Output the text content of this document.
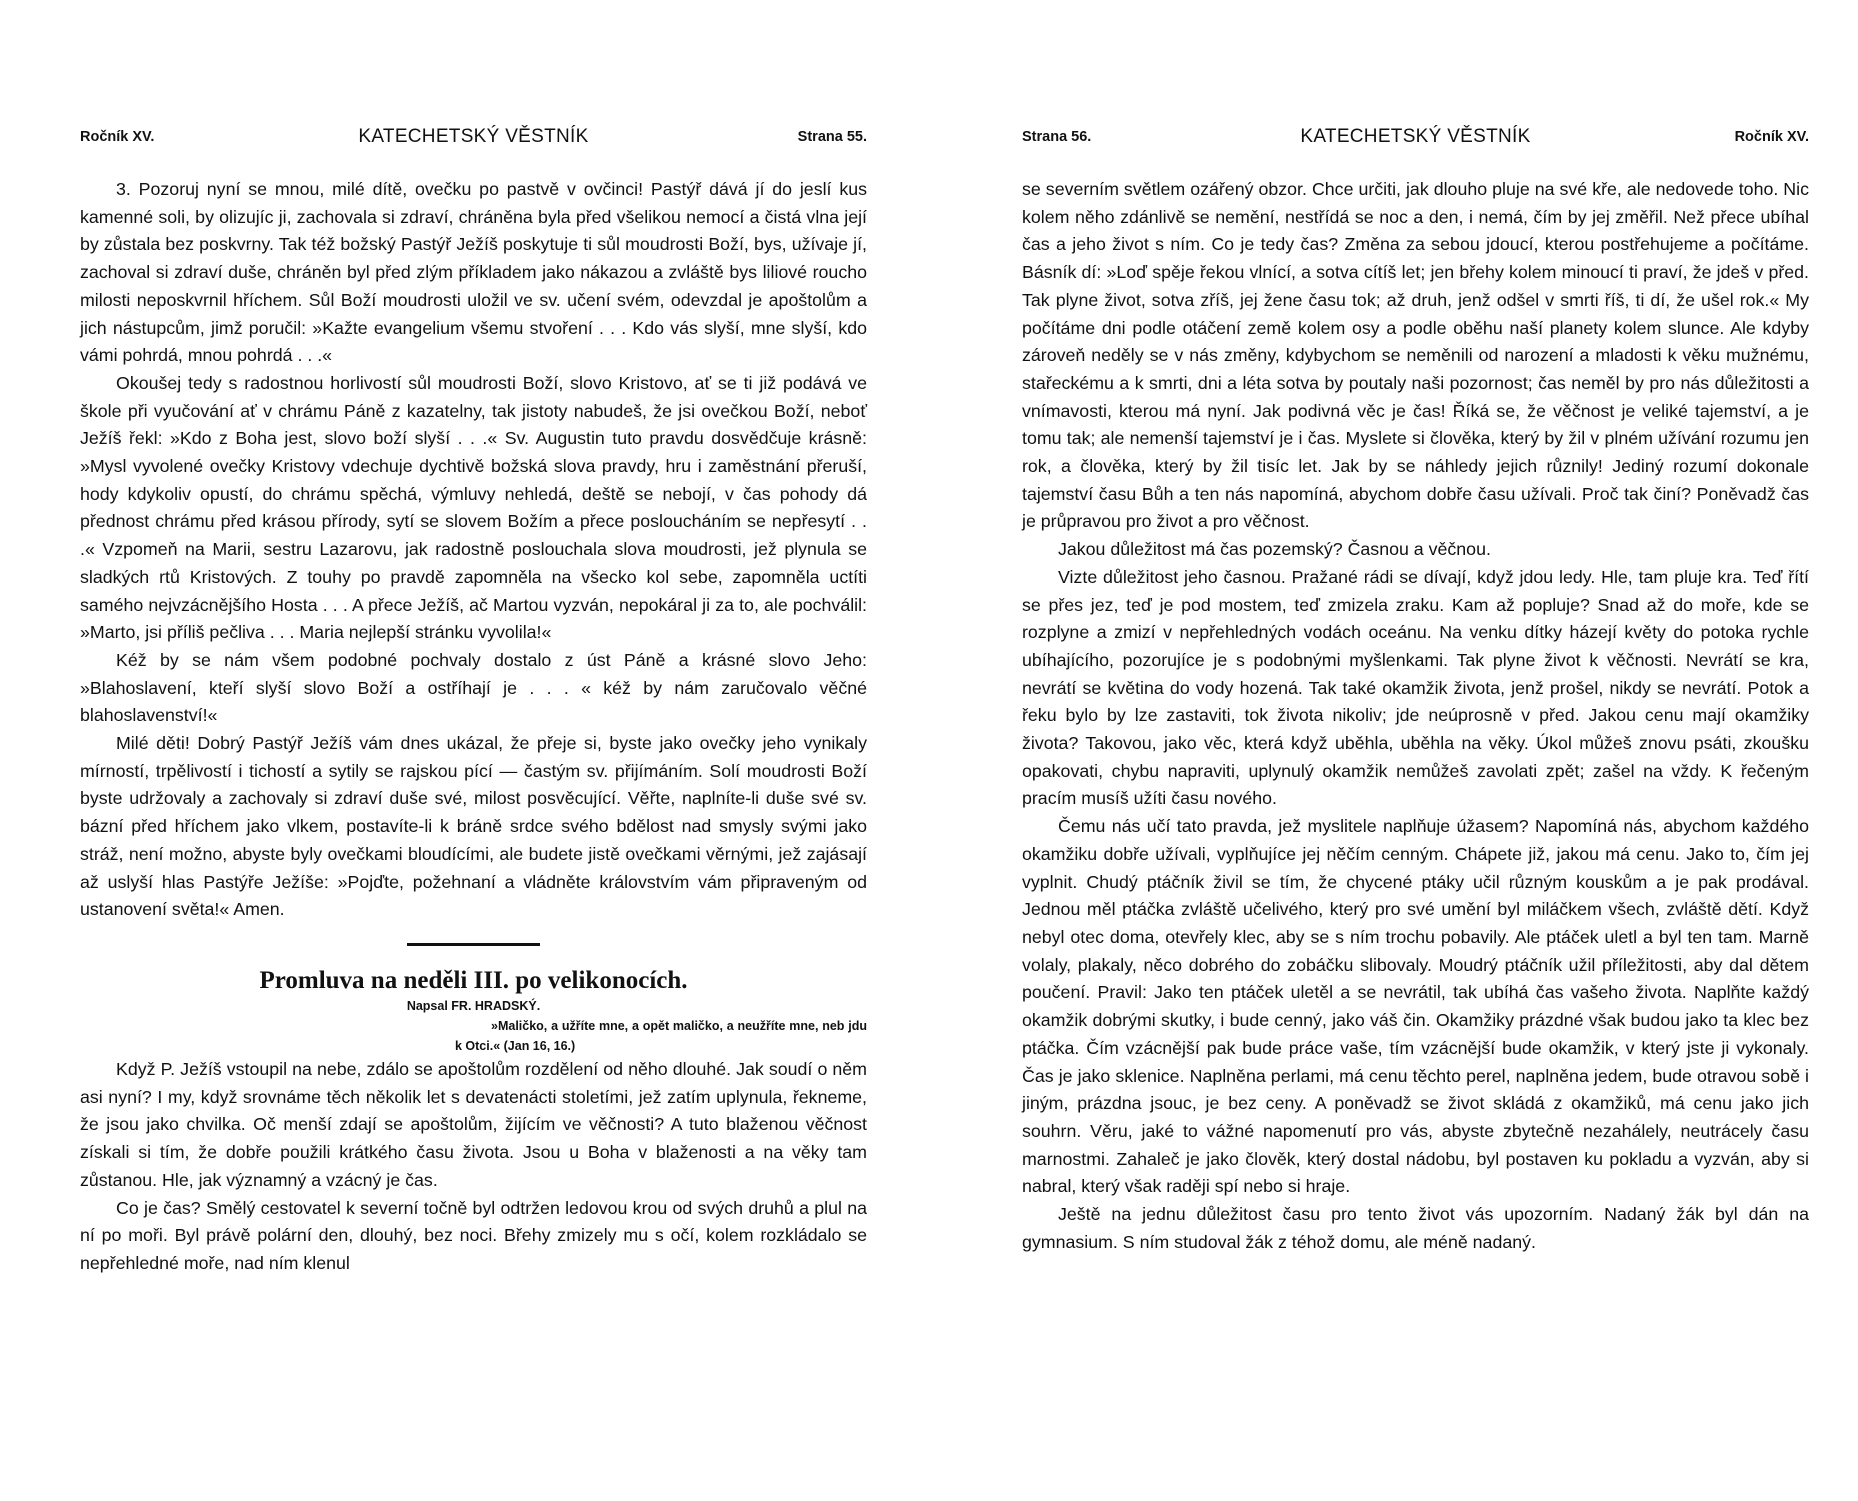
Ročník XV.	KATECHETSKÝ VĚSTNÍK	Strana 55.

3. Pozoruj nyní se mnou, milé dítě, ovečku po pastvě v ovčinci! Pastýř dává jí do jeslí kus kamenné soli, by olizujíc ji, zachovala si zdraví, chráněna byla před všelikou nemocí a čistá vlna její by zůstala bez poskvrny. Tak též božský Pastýř Ježíš poskytuje ti sůl moudrosti Boží, bys, užívaje jí, zachoval si zdraví duše, chráněn byl před zlým příkladem jako nákazou a zvláště bys liliové roucho milosti neposkvrnil hříchem. Sůl Boží moudrosti uložil ve sv. učení svém, odevzdal je apoštolům a jich nástupcům, jimž poručil: »Kažte evangelium všemu stvoření . . . Kdo vás slyší, mne slyší, kdo vámi pohrdá, mnou pohrdá . . .«

Okoušej tedy s radostnou horlivostí sůl moudrosti Boží, slovo Kristovo, ať se ti již podává ve škole při vyučování ať v chrámu Páně z kazatelny, tak jistoty nabudeš, že jsi ovečkou Boží, neboť Ježíš řekl: »Kdo z Boha jest, slovo boží slyší . . .« Sv. Augustin tuto pravdu dosvědčuje krásně: »Mysl vyvolené ovečky Kristovy vdechuje dychtivě božská slova pravdy, hru i zaměstnání přeruší, hody kdykoliv opustí, do chrámu spěchá, výmluvy nehledá, deště se nebojí, v čas pohody dá přednost chrámu před krásou přírody, sytí se slovem Božím a přece posloucháním se nepřesytí . . .« Vzpomeň na Marii, sestru Lazarovu, jak radostně poslouchala slova moudrosti, jež plynula se sladkých rtů Kristových. Z touhy po pravdě zapomněla na všecko kol sebe, zapomněla uctíti samého nejvzácnějšího Hosta . . . A přece Ježíš, ač Martou vyzván, nepokáral ji za to, ale pochválil: »Marto, jsi příliš pečliva . . . Maria nejlepší stránku vyvolila!«

Kéž by se nám všem podobné pochvaly dostalo z úst Páně a krásné slovo Jeho: »Blahoslavení, kteří slyší slovo Boží a ostříhají je . . . « kéž by nám zaručovalo věčné blahoslavenství!«

Milé děti! Dobrý Pastýř Ježíš vám dnes ukázal, že přeje si, byste jako ovečky jeho vynikaly mírností, trpělivostí i tichostí a sytily se rajskou pící — častým sv. přijímáním. Solí moudrosti Boží byste udržovaly a zachovaly si zdraví duše své, milost posvěcující. Věřte, naplníte-li duše své sv. bázní před hříchem jako vlkem, postavíte-li k bráně srdce svého bdělost nad smysly svými jako stráž, není možno, abyste byly ovečkami bloudícími, ale budete jistě ovečkami věrnými, jež zajásají až uslyší hlas Pastýře Ježíše: »Pojďte, požehnaní a vládněte královstvím vám připraveným od ustanovení světa!« Amen.

Promluva na neděli III. po velikonocích.

Napsal FR. HRADSKÝ.

»Maličko, a užříte mne, a opět maličko, a neužříte mne, neb jdu k Otci.« (Jan 16, 16.)

Když P. Ježíš vstoupil na nebe, zdálo se apoštolům rozdělení od něho dlouhé. Jak soudí o něm asi nyní? I my, když srovnáme těch několik let s devatenácti stoletími, jež zatím uplynula, řekneme, že jsou jako chvilka. Oč menší zdají se apoštolům, žijícím ve věčnosti? A tuto blaženou věčnost získali si tím, že dobře použili krátkého času života. Jsou u Boha v blaženosti a na věky tam zůstanou. Hle, jak významný a vzácný je čas.

Co je čas? Smělý cestovatel k severní točně byl odtržen ledovou krou od svých druhů a plul na ní po moři. Byl právě polární den, dlouhý, bez noci. Břehy zmizely mu s očí, kolem rozkládalo se nepřehledné moře, nad ním klenul

Strana 56.	KATECHETSKÝ VĚSTNÍK	Ročník XV.

se severním světlem ozářený obzor. Chce určiti, jak dlouho pluje na své kře, ale nedovede toho. Nic kolem něho zdánlivě se nemění, nestřídá se noc a den, i nemá, čím by jej změřil. Než přece ubíhal čas a jeho život s ním. Co je tedy čas? Změna za sebou jdoucí, kterou postřehujeme a počítáme. Básník dí: »Loď spěje řekou vlnící, a sotva cítíš let; jen břehy kolem minoucí ti praví, že jdeš v před. Tak plyne život, sotva zříš, jej žene času tok; až druh, jenž odšel v smrti říš, ti dí, že ušel rok.« My počítáme dni podle otáčení země kolem osy a podle oběhu naší planety kolem slunce. Ale kdyby zároveň neděly se v nás změny, kdybychom se neměnili od narození a mladosti k věku mužnému, stařeckému a k smrti, dni a léta sotva by poutaly naši pozornost; čas neměl by pro nás důležitosti a vnímavosti, kterou má nyní. Jak podivná věc je čas! Říká se, že věčnost je veliké tajemství, a je tomu tak; ale nemenší tajemství je i čas. Myslete si člověka, který by žil v plném užívání rozumu jen rok, a člověka, který by žil tisíc let. Jak by se náhledy jejich různily! Jediný rozumí dokonale tajemství času Bůh a ten nás napomíná, abychom dobře času užívali. Proč tak činí? Poněvadž čas je průpravou pro život a pro věčnost.

Jakou důležitost má čas pozemský? Časnou a věčnou.

Vizte důležitost jeho časnou. Pražané rádi se dívají, když jdou ledy. Hle, tam pluje kra. Teď řítí se přes jez, teď je pod mostem, teď zmizela zraku. Kam až popluje? Snad až do moře, kde se rozplyne a zmizí v nepřehledných vodách oceánu. Na venku dítky házejí květy do potoka rychle ubíhajícího, pozorujíce je s podobnými myšlenkami. Tak plyne život k věčnosti. Nevrátí se kra, nevrátí se květina do vody hozená. Tak také okamžik života, jenž prošel, nikdy se nevrátí. Potok a řeku bylo by lze zastaviti, tok života nikoliv; jde neúprosně v před. Jakou cenu mají okamžiky života? Takovou, jako věc, která když uběhla, uběhla na věky. Úkol můžeš znovu psáti, zkoušku opakovati, chybu napraviti, uplynulý okamžik nemůžeš zavolati zpět; zašel na vždy. K řečeným pracím musíš užíti času nového.

Čemu nás učí tato pravda, jež myslitele naplňuje úžasem? Napomíná nás, abychom každého okamžiku dobře užívali, vyplňujíce jej něčím cenným. Chápete již, jakou má cenu. Jako to, čím jej vyplnit. Chudý ptáčník živil se tím, že chycené ptáky učil různým kouskům a je pak prodával. Jednou měl ptáčka zvláště učelivého, který pro své umění byl miláčkem všech, zvláště dětí. Když nebyl otec doma, otevřely klec, aby se s ním trochu pobavily. Ale ptáček uletl a byl ten tam. Marně volaly, plakaly, něco dobrého do zobáčku slibovaly. Moudrý ptáčník užil příležitosti, aby dal dětem poučení. Pravil: Jako ten ptáček uletěl a se nevrátil, tak ubíhá čas vašeho života. Naplňte každý okamžik dobrými skutky, i bude cenný, jako váš čin. Okamžiky prázdné však budou jako ta klec bez ptáčka. Čím vzácnější pak bude práce vaše, tím vzácnější bude okamžik, v který jste ji vykonaly. Čas je jako sklenice. Naplněna perlami, má cenu těchto perel, naplněna jedem, bude otravou sobě i jiným, prázdna jsouc, je bez ceny. A poněvadž se život skládá z okamžiků, má cenu jako jich souhrn. Věru, jaké to vážné napomenutí pro vás, abyste zbytečně nezahálely, neutrácely času marnostmi. Zahaleč je jako člověk, který dostal nádobu, byl postaven ku pokladu a vyzván, aby si nabral, který však raději spí nebo si hraje.

Ještě na jednu důležitost času pro tento život vás upozorním. Nadaný žák byl dán na gymnasium. S ním studoval žák z téhož domu, ale méně nadaný.
